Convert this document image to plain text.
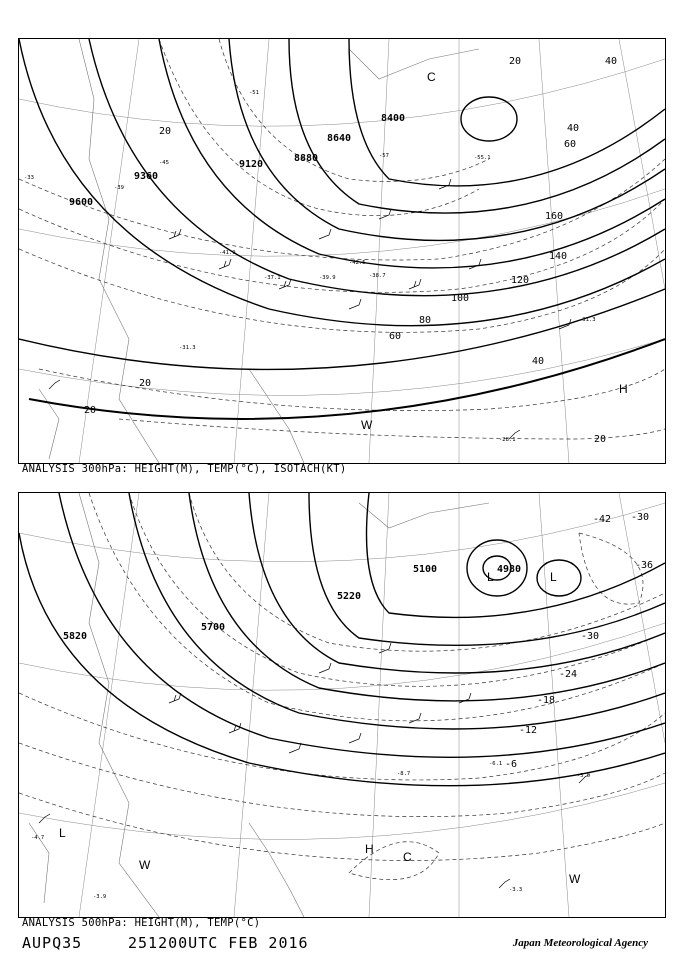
9600
9360
9120
8880
8640
8400
20
20
20
40
40
40
60
60
80
100
120
140
160
20
20
C
H
W
-33
-39
-45
-51
-57	-55.1
-41.9
-31.3
-37.1	-39.9
-42.5
-38.7
-31.3
-28.1
ANALYSIS 300hPa: HEIGHT(M), TEMP(°C), ISOTACH(KT)
5820
5700
5220
5100	4980
-42 -30
-36
-30
-24
-18
-12
-6
-3.3
-5.5
-8.7
-6.1
-4.7
-3.9
L	L
L
W
H
C
W
ANALYSIS 500hPa: HEIGHT(M), TEMP(°C)
AUPQ35	251200UTC FEB 2016	Japan Meteorological Agency
